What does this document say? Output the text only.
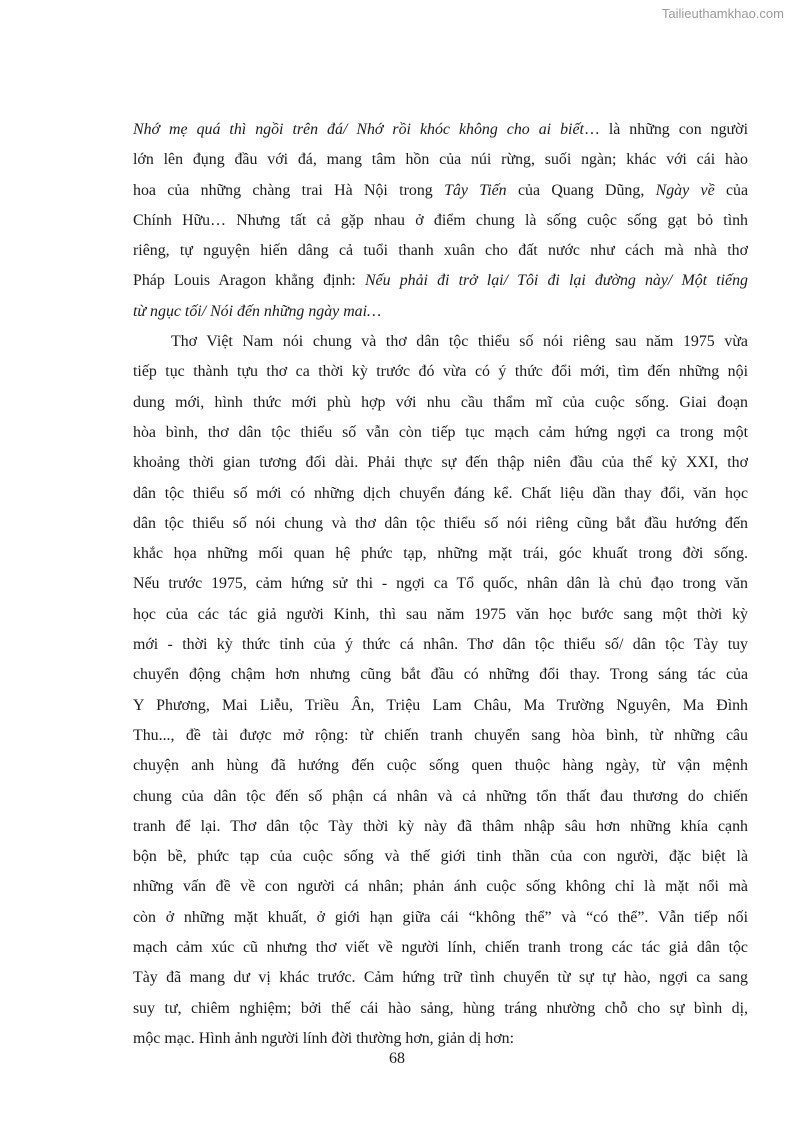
Tailieuthamkhao.com
Nhớ mẹ quá thì ngồi trên đá/ Nhớ rồi khóc không cho ai biết… là những con người
lớn lên đụng đầu với đá, mang tâm hồn của núi rừng, suối ngàn; khác với cái hào
hoa của những chàng trai Hà Nội trong Tây Tiến của Quang Dũng, Ngày về của
Chính Hữu… Nhưng tất cả gặp nhau ở điểm chung là sống cuộc sống gạt bỏ tình
riêng, tự nguyện hiến dâng cả tuổi thanh xuân cho đất nước như cách mà nhà thơ
Pháp Louis Aragon khẳng định: Nếu phải đi trở lại/ Tôi đi lại đường này/ Một tiếng
từ ngục tối/ Nói đến những ngày mai…
Thơ Việt Nam nói chung và thơ dân tộc thiểu số nói riêng sau năm 1975 vừa
tiếp tục thành tựu thơ ca thời kỳ trước đó vừa có ý thức đổi mới, tìm đến những nội
dung mới, hình thức mới phù hợp với nhu cầu thẩm mĩ của cuộc sống. Giai đoạn
hòa bình, thơ dân tộc thiểu số vẫn còn tiếp tục mạch cảm hứng ngợi ca trong một
khoảng thời gian tương đối dài. Phải thực sự đến thập niên đầu của thế kỷ XXI, thơ
dân tộc thiểu số mới có những dịch chuyển đáng kể. Chất liệu dần thay đổi, văn học
dân tộc thiểu số nói chung và thơ dân tộc thiểu số nói riêng cũng bắt đầu hướng đến
khắc họa những mối quan hệ phức tạp, những mặt trái, góc khuất trong đời sống.
Nếu trước 1975, cảm hứng sử thi - ngợi ca Tổ quốc, nhân dân là chủ đạo trong văn
học của các tác giả người Kinh, thì sau năm 1975 văn học bước sang một thời kỳ
mới - thời kỳ thức tỉnh của ý thức cá nhân. Thơ dân tộc thiểu số/ dân tộc Tày tuy
chuyển động chậm hơn nhưng cũng bắt đầu có những đổi thay. Trong sáng tác của
Y Phương, Mai Liễu, Triều Ân, Triệu Lam Châu, Ma Trường Nguyên, Ma Đình
Thu..., đề tài được mở rộng: từ chiến tranh chuyển sang hòa bình, từ những câu
chuyện anh hùng đã hướng đến cuộc sống quen thuộc hàng ngày, từ vận mệnh
chung của dân tộc đến số phận cá nhân và cả những tổn thất đau thương do chiến
tranh để lại. Thơ dân tộc Tày thời kỳ này đã thâm nhập sâu hơn những khía cạnh
bộn bề, phức tạp của cuộc sống và thế giới tinh thần của con người, đặc biệt là
những vấn đề về con người cá nhân; phản ánh cuộc sống không chỉ là mặt nổi mà
còn ở những mặt khuất, ở giới hạn giữa cái “không thể” và “có thể”. Vẫn tiếp nối
mạch cảm xúc cũ nhưng thơ viết về người lính, chiến tranh trong các tác giả dân tộc
Tày đã mang dư vị khác trước. Cảm hứng trữ tình chuyển từ sự tự hào, ngợi ca sang
suy tư, chiêm nghiệm; bởi thế cái hào sảng, hùng tráng nhường chỗ cho sự bình dị,
mộc mạc. Hình ảnh người lính đời thường hơn, giản dị hơn:
68
